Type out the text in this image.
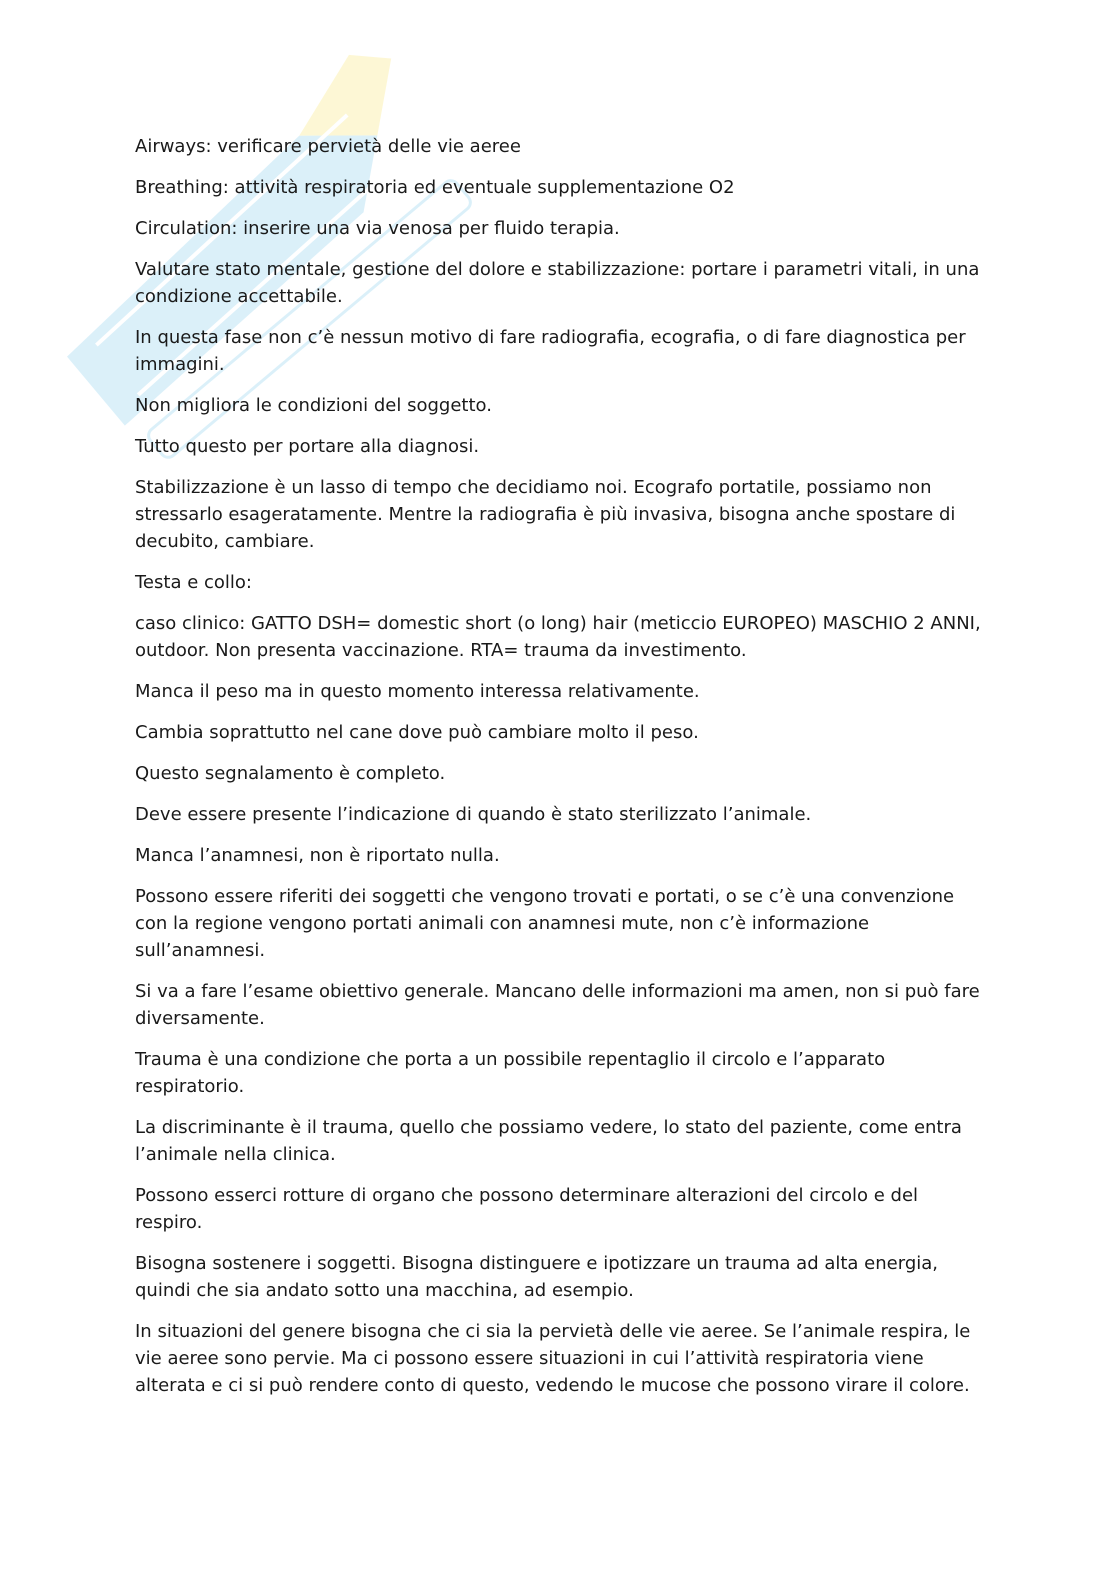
Airways: verificare pervietà delle vie aeree

Breathing: attività respiratoria ed eventuale supplementazione O2

Circulation: inserire una via venosa per fluido terapia.

Valutare stato mentale, gestione del dolore e stabilizzazione: portare i parametri vitali, in una condizione accettabile.

In questa fase non c’è nessun motivo di fare radiografia, ecografia, o di fare diagnostica per immagini.

Non migliora le condizioni del soggetto.

Tutto questo per portare alla diagnosi.

Stabilizzazione è un lasso di tempo che decidiamo noi. Ecografo portatile, possiamo non stressarlo esageratamente. Mentre la radiografia è più invasiva, bisogna anche spostare di decubito, cambiare.

Testa e collo:

caso clinico: GATTO DSH= domestic short (o long) hair (meticcio EUROPEO) MASCHIO 2 ANNI, outdoor. Non presenta vaccinazione. RTA= trauma da investimento.

Manca il peso ma in questo momento interessa relativamente.

Cambia soprattutto nel cane dove può cambiare molto il peso.

Questo segnalamento è completo.

Deve essere presente l’indicazione di quando è stato sterilizzato l’animale.

Manca l’anamnesi, non è riportato nulla.

Possono essere riferiti dei soggetti che vengono trovati e portati, o se c’è una convenzione con la regione vengono portati animali con anamnesi mute, non c’è informazione sull’anamnesi.

Si va a fare l’esame obiettivo generale. Mancano delle informazioni ma amen, non si può fare diversamente.

Trauma è una condizione che porta a un possibile repentaglio il circolo e l’apparato respiratorio.

La discriminante è il trauma, quello che possiamo vedere, lo stato del paziente, come entra l’animale nella clinica.

Possono esserci rotture di organo che possono determinare alterazioni del circolo e del respiro.

Bisogna sostenere i soggetti. Bisogna distinguere e ipotizzare un trauma ad alta energia, quindi che sia andato sotto una macchina, ad esempio.

In situazioni del genere bisogna che ci sia la pervietà delle vie aeree. Se l’animale respira, le vie aeree sono pervie. Ma ci possono essere situazioni in cui l’attività respiratoria viene alterata e ci si può rendere conto di questo, vedendo le mucose che possono virare il colore.
